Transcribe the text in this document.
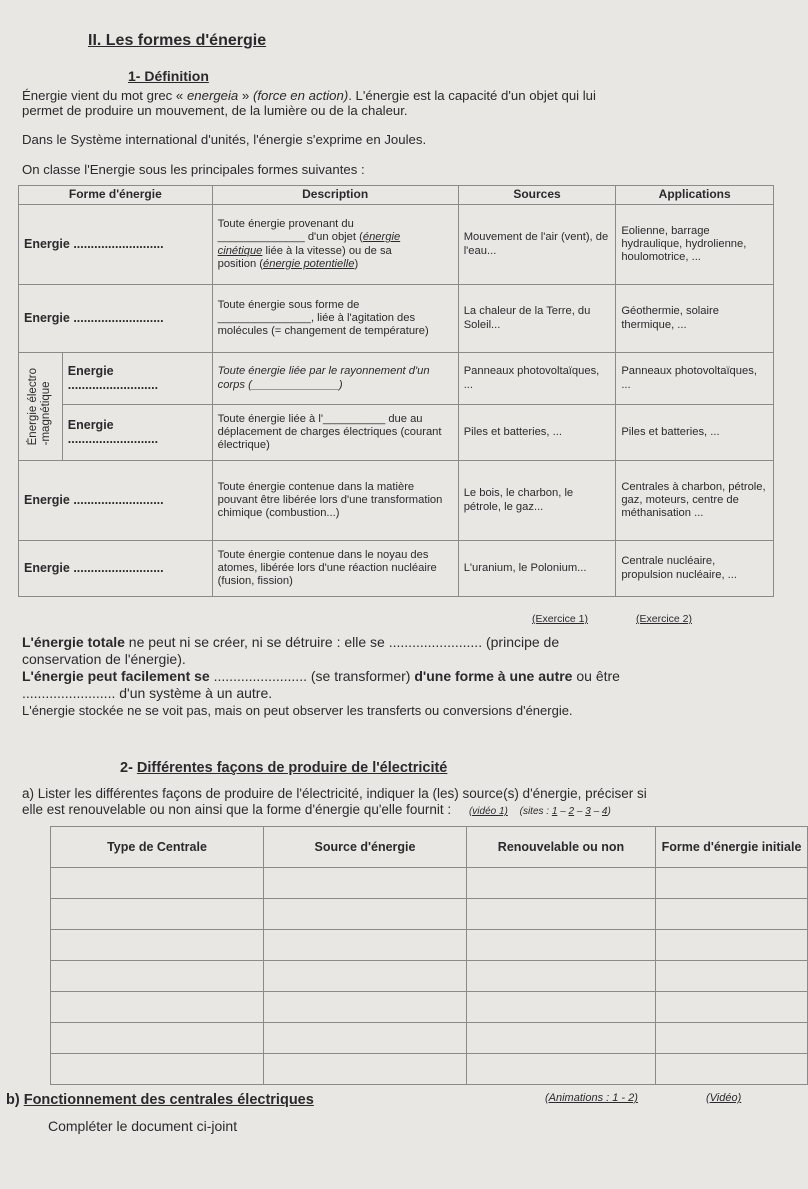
II. Les formes d'énergie
1- Définition
Énergie vient du mot grec « energeia » (force en action). L'énergie est la capacité d'un objet qui lui
permet de produire un mouvement, de la lumière ou de la chaleur.
Dans le Système international d'unités, l'énergie s'exprime en Joules.
On classe l'Energie sous les principales formes suivantes :
Forme d'énergie		Description	Sources	Applications
Energie ..........................		Toute énergie provenant du
______________ d'un objet (énergie
cinétique liée à la vitesse) ou de sa
position (énergie potentielle)	Mouvement de l'air (vent), de l'eau...	Eolienne, barrage hydraulique, hydrolienne, houlomotrice, ...
Energie ..........................		Toute énergie sous forme de _______________, liée à l'agitation des molécules (= changement de température)	La chaleur de la Terre, du Soleil...	Géothermie, solaire thermique, ...

Énergie électro
-magnétique	Energie ..........................	Toute énergie liée par le rayonnement d'un corps (______________)	Panneaux photovoltaïques, ...	Panneaux photovoltaïques, ...
	Energie ..........................	Toute énergie liée à l'__________ due au déplacement de charges électriques (courant électrique)	Piles et batteries, ...	Piles et batteries, ...
Energie ..........................		Toute énergie contenue dans la matière pouvant être libérée lors d'une transformation chimique (combustion...)	Le bois, le charbon, le pétrole, le gaz...	Centrales à charbon, pétrole, gaz, moteurs, centre de méthanisation ...
Energie ..........................		Toute énergie contenue dans le noyau des atomes, libérée lors d'une réaction nucléaire (fusion, fission)	L'uranium, le Polonium...	Centrale nucléaire, propulsion nucléaire, ...
(Exercice 1)	(Exercice 2)
L'énergie totale ne peut ni se créer, ni se détruire : elle se ........................ (principe de
conservation de l'énergie).
L'énergie peut facilement se ........................ (se transformer) d'une forme à une autre ou être
........................ d'un système à un autre.
L'énergie stockée ne se voit pas, mais on peut observer les transferts ou conversions d'énergie.
2- Différentes façons de produire de l'électricité
a) Lister les différentes façons de produire de l'électricité, indiquer la (les) source(s) d'énergie, préciser si
elle est renouvelable ou non ainsi que la forme d'énergie qu'elle fournit : (vidéo 1) (sites : 1 – 2 – 3 – 4)
Type de Centrale	Source d'énergie	Renouvelable ou non	Forme d'énergie initiale

b) Fonctionnement des centrales électriques	(Animations : 1 - 2)	(Vidéo)
Compléter le document ci-joint
